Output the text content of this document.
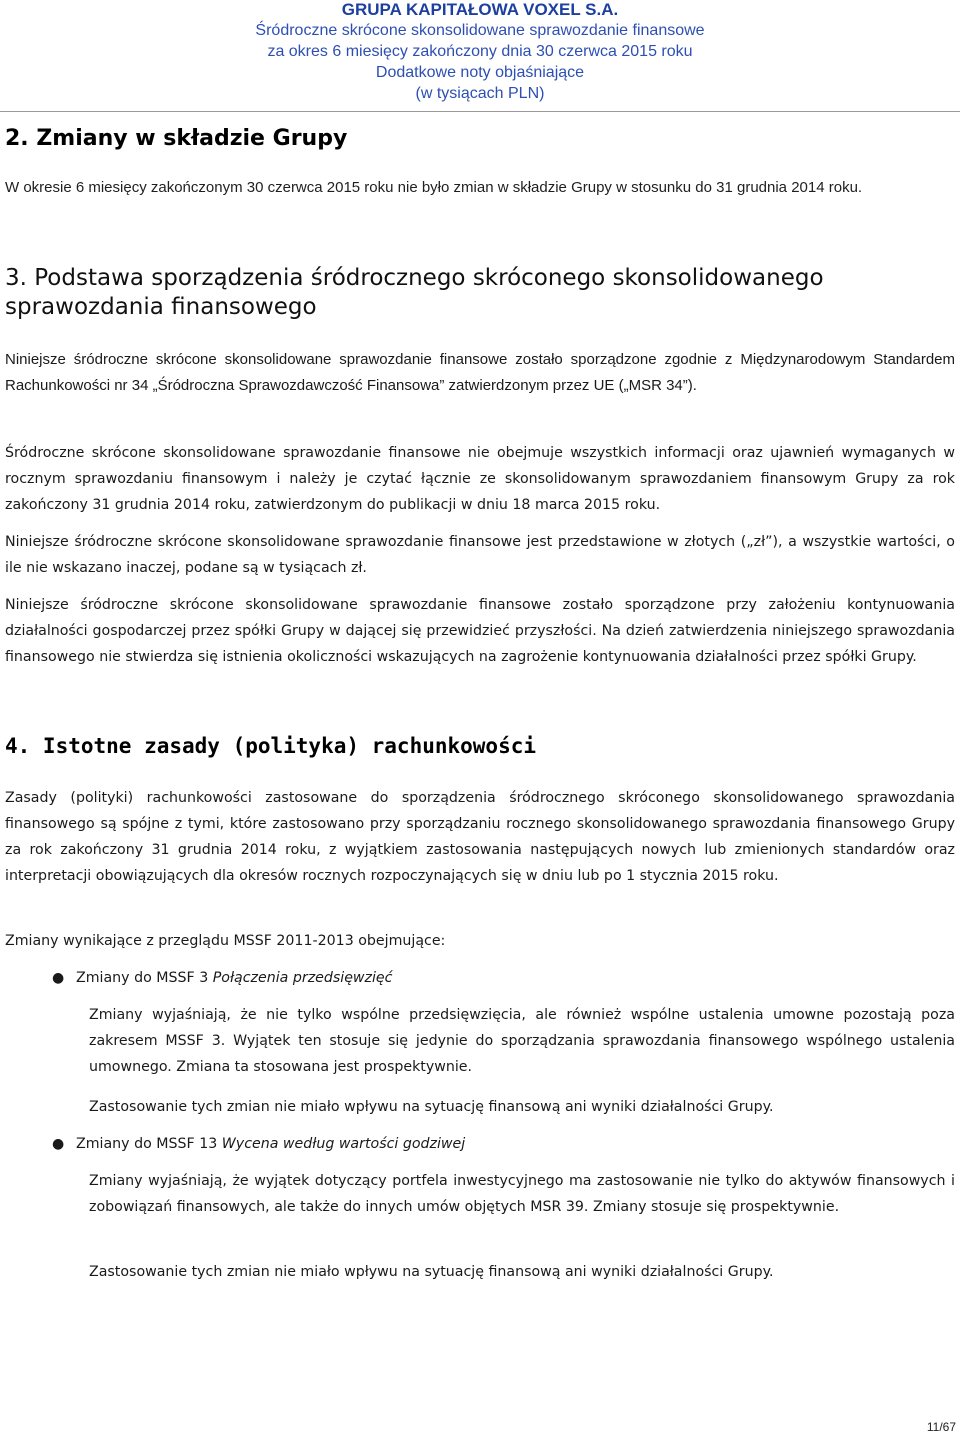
GRUPA KAPITAŁOWA VOXEL S.A.
Śródroczne skrócone skonsolidowane sprawozdanie finansowe
za okres 6 miesięcy zakończony dnia 30 czerwca 2015 roku
Dodatkowe noty objaśniające
(w tysiącach PLN)
2. Zmiany w składzie Grupy
W okresie 6 miesięcy zakończonym 30 czerwca 2015 roku nie było zmian w składzie Grupy w stosunku do 31 grudnia 2014 roku.
3. Podstawa sporządzenia śródrocznego skróconego skonsolidowanego sprawozdania finansowego
Niniejsze śródroczne skrócone skonsolidowane sprawozdanie finansowe zostało sporządzone zgodnie z Międzynarodowym Standardem Rachunkowości nr 34 „Śródroczna Sprawozdawczość Finansowa” zatwierdzonym przez UE („MSR 34”).
Śródroczne skrócone skonsolidowane sprawozdanie finansowe nie obejmuje wszystkich informacji oraz ujawnień wymaganych w rocznym sprawozdaniu finansowym i należy je czytać łącznie ze skonsolidowanym sprawozdaniem finansowym Grupy za rok zakończony 31 grudnia 2014 roku, zatwierdzonym do publikacji w dniu 18 marca 2015 roku.
Niniejsze śródroczne skrócone skonsolidowane sprawozdanie finansowe jest przedstawione w złotych („zł”), a wszystkie wartości, o ile nie wskazano inaczej, podane są w tysiącach zł.
Niniejsze śródroczne skrócone skonsolidowane sprawozdanie finansowe zostało sporządzone przy założeniu kontynuowania działalności gospodarczej przez spółki Grupy w dającej się przewidzieć przyszłości. Na dzień zatwierdzenia niniejszego sprawozdania finansowego nie stwierdza się istnienia okoliczności wskazujących na zagrożenie kontynuowania działalności przez spółki Grupy.
4. Istotne zasady (polityka) rachunkowości
Zasady (polityki) rachunkowości zastosowane do sporządzenia śródrocznego skróconego skonsolidowanego sprawozdania finansowego są spójne z tymi, które zastosowano przy sporządzaniu rocznego skonsolidowanego sprawozdania finansowego Grupy za rok zakończony 31 grudnia 2014 roku, z wyjątkiem zastosowania następujących nowych lub zmienionych standardów oraz interpretacji obowiązujących dla okresów rocznych rozpoczynających się w dniu lub po 1 stycznia 2015 roku.
Zmiany wynikające z przeglądu MSSF 2011-2013 obejmujące:
● Zmiany do MSSF 3 Połączenia przedsięwzięć
Zmiany wyjaśniają, że nie tylko wspólne przedsięwzięcia, ale również wspólne ustalenia umowne pozostają poza zakresem MSSF 3. Wyjątek ten stosuje się jedynie do sporządzania sprawozdania finansowego wspólnego ustalenia umownego. Zmiana ta stosowana jest prospektywnie.
Zastosowanie tych zmian nie miało wpływu na sytuację finansową ani wyniki działalności Grupy.
● Zmiany do MSSF 13 Wycena według wartości godziwej
Zmiany wyjaśniają, że wyjątek dotyczący portfela inwestycyjnego ma zastosowanie nie tylko do aktywów finansowych i zobowiązań finansowych, ale także do innych umów objętych MSR 39. Zmiany stosuje się prospektywnie.
Zastosowanie tych zmian nie miało wpływu na sytuację finansową ani wyniki działalności Grupy.
11/67
